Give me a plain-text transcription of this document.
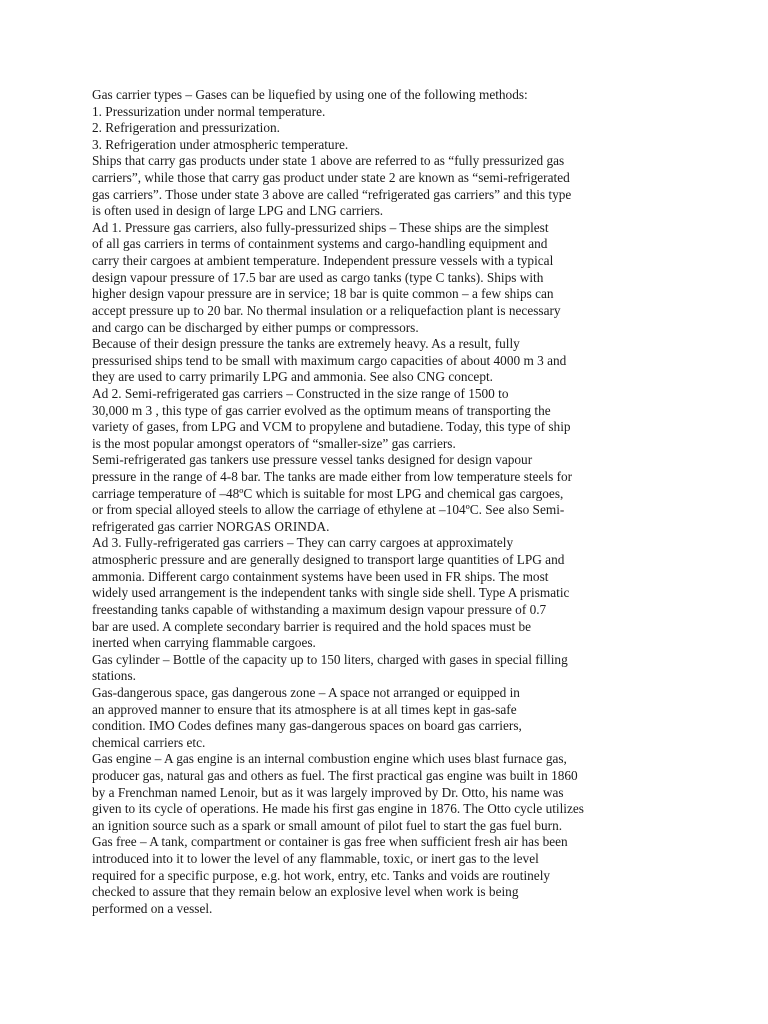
Gas carrier types – Gases can be liquefied by using one of the following methods:
1. Pressurization under normal temperature.
2. Refrigeration and pressurization.
3. Refrigeration under atmospheric temperature.
Ships that carry gas products under state 1 above are referred to as “fully pressurized gas
carriers”, while those that carry gas product under state 2 are known as “semi-refrigerated
gas carriers”. Those under state 3 above are called “refrigerated gas carriers” and this type
is often used in design of large LPG and LNG carriers.
Ad 1. Pressure gas carriers, also fully-pressurized ships – These ships are the simplest
of all gas carriers in terms of containment systems and cargo-handling equipment and
carry their cargoes at ambient temperature. Independent pressure vessels with a typical
design vapour pressure of 17.5 bar are used as cargo tanks (type C tanks). Ships with
higher design vapour pressure are in service; 18 bar is quite common – a few ships can
accept pressure up to 20 bar. No thermal insulation or a reliquefaction plant is necessary
and cargo can be discharged by either pumps or compressors.
Because of their design pressure the tanks are extremely heavy. As a result, fully
pressurised ships tend to be small with maximum cargo capacities of about 4000 m 3 and
they are used to carry primarily LPG and ammonia. See also CNG concept.
Ad 2. Semi-refrigerated gas carriers – Constructed in the size range of 1500 to
30,000 m 3 , this type of gas carrier evolved as the optimum means of transporting the
variety of gases, from LPG and VCM to propylene and butadiene. Today, this type of ship
is the most popular amongst operators of “smaller-size” gas carriers.
Semi-refrigerated gas tankers use pressure vessel tanks designed for design vapour
pressure in the range of 4-8 bar. The tanks are made either from low temperature steels for
carriage temperature of –48ºC which is suitable for most LPG and chemical gas cargoes,
or from special alloyed steels to allow the carriage of ethylene at –104ºC. See also Semi-
refrigerated gas carrier NORGAS ORINDA.
Ad 3. Fully-refrigerated gas carriers – They can carry cargoes at approximately
atmospheric pressure and are generally designed to transport large quantities of LPG and
ammonia. Different cargo containment systems have been used in FR ships. The most
widely used arrangement is the independent tanks with single side shell. Type A prismatic
freestanding tanks capable of withstanding a maximum design vapour pressure of 0.7
bar are used. A complete secondary barrier is required and the hold spaces must be
inerted when carrying flammable cargoes.
Gas cylinder – Bottle of the capacity up to 150 liters, charged with gases in special filling
stations.
Gas-dangerous space, gas dangerous zone – A space not arranged or equipped in
an approved manner to ensure that its atmosphere is at all times kept in gas-safe
condition. IMO Codes defines many gas-dangerous spaces on board gas carriers,
chemical carriers etc.
Gas engine – A gas engine is an internal combustion engine which uses blast furnace gas,
producer gas, natural gas and others as fuel. The first practical gas engine was built in 1860
by a Frenchman named Lenoir, but as it was largely improved by Dr. Otto, his name was
given to its cycle of operations. He made his first gas engine in 1876. The Otto cycle utilizes
an ignition source such as a spark or small amount of pilot fuel to start the gas fuel burn.
Gas free – A tank, compartment or container is gas free when sufficient fresh air has been
introduced into it to lower the level of any flammable, toxic, or inert gas to the level
required for a specific purpose, e.g. hot work, entry, etc. Tanks and voids are routinely
checked to assure that they remain below an explosive level when work is being
performed on a vessel.
